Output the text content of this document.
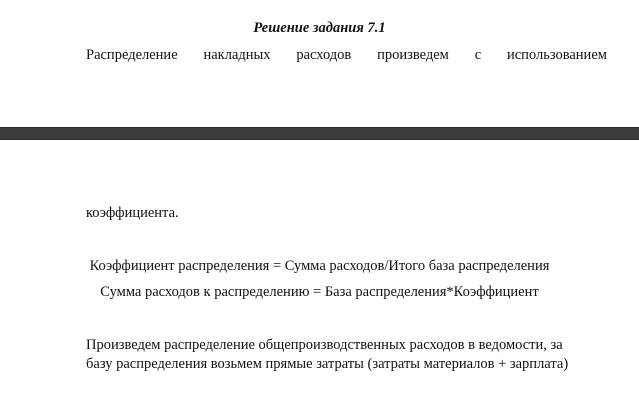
Решение задания 7.1
Распределение накладных расходов произведем с использованием
коэффициента.
Коэффициент распределения = Сумма расходов/Итого база распределения
Сумма расходов к распределению = База распределения*Коэффициент
Произведем распределение общепроизводственных расходов в ведомости, за
базу распределения возьмем прямые затраты (затраты материалов + зарплата)
